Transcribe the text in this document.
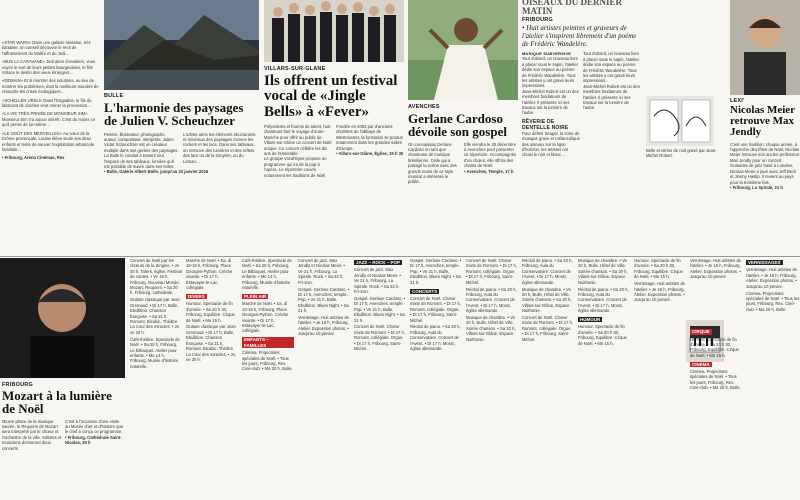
«STAR WARS» Dans une galaxie lointaine, très lointaine, un conseil découvre le récit de l'affrontement du Maître et du Jedi…

«BUS LA CARAVANE» Jedi alors chevaliers, vous voyez le sort de leurs petites bourgeoisies, le film retrace le destin des vieux étrangers…

«DEMAIN» Et si montrer des solutions, au lieu de montrer les problèmes, était la meilleure manière de résoudre les crises écologiques…

«SCHELLEN URSLI» Dans l'Engadine, le fils du fabricant de cloches veut mener la procession…

«LA VIE TRÈS PRIVÉE DE MONSIEUR SIM» Monsieur Sim n'a aucun intérêt. C'est du moins ce qu'il pense de lui-même…

«LE GOÛT DES MERVEILLES» Au cœur de la Drôme provençale, Louise élève seule ses deux enfants et tente de sauver l'exploitation arboricole familiale…

• Fribourg, Arena Cinémas, Rex

BULLE
L'harmonie des paysages de Julien V. Scheuchzer

Peintre, illustrateur, photographe, auteur, compositeur, interprète, Julien Victor Scheuchzer est un créateur multiple dans ses gerbes des paysages. La Bulle le conduit à travers tout l'espace de ses tableaux, lumière qu'il est possible de suivre dans ses toiles.

L'artiste aime les éléments structurants et minéraux des paysages comme les rochers et les lacs. Dans ses tableaux, on retrouve des lumières et des reflets des lacs ou de la Gruyère, ou du Léman…

• Bulle, Galerie Albert Bulle, jusqu'au 23 janvier 2016

VILLARS-SUR-GLÂNE
Ils offrent un festival vocal de «Jingle Bells» à «Fever»

Polyvalents et fournis de talent, huit chanteurs font le voyage d'outre-Manche pour offrir au public de Villars-sur-Glâne un concert de Noël unique. Ce concert célèbre les dix ans de l'ensemble.

Le groupe Vocal'Eyes propose un programme qui ira de la pop à l'opéra. Le répertoire couvre notamment les traditions de Noël.

Fondée en 2003 par d'anciens choristes de l'abbaye de Westminster, la formation se produit notamment dans les grandes salles d'Europe.

• Villars-sur-Glâne, Église, 19 h 30

AVENCHES
Gerlane Cardoso dévoile son gospel

On connaissait Gerlane Cardoso en tant que chanteuse de musique brésilienne. Celle qui a partagé la scène avec des grands noms de ce style musical a intéressé le public.

Elle viendra le 20 décembre à Avenches pour présenter ce répertoire. Accompagnée d'un chœur, elle offrira des chants de Noël.

• Avenches, Temple, 17 h

OISEAUX DU DERNIER MATIN
FRIBOURG

• Huit artistes peintres et graveurs de l'atelier s'inspirent librement d'un poème de Frédéric Wandelère.

MUSIQUE SUBVERSIVE

Tout d'abord, un nouveau livre à placer sous le sapin, l'atelier dédie son espace au poème de Frédéric Wandelère. Tous les artistes y ont gravé leurs impressions.

Jean-Michel Robert est un des membres fondateurs de l'atelier. Il présente ici ses travaux sur la lumière de l'aube.

RÊVERIE DE DENTELLE NOIRE

Pour définir Seupel, la sorte de musique grave et mélancolique des oiseaux sur la ligne d'horizon, les artistes ont choisi le noir et blanc…

Tout d'abord, un nouveau livre à placer sous le sapin, l'atelier dédie son espace au poème de Frédéric Wandelère. Tous les artistes y ont gravé leurs impressions.

Jean-Michel Robert est un des membres fondateurs de l'atelier. Il présente ici ses travaux sur la lumière de l'aube.

Belle et vitrine de nuit gravé par Jean-Michel Robert.

LEXI'
Nicolas Meier retrouve Max Jendly

C'est une tradition: chaque année, à l'approche des fêtes de Noël, Nicolas Meier retrouve son ancien professeur Max Jendly pour un concert.

Guitariste de jazz basé à Londres, Nicolas Meier a joué avec Jeff Beck et Jimmy Haslip. Il revient au pays pour la troisième fois.

• Fribourg, La Spirale, 21 h

FRIBOURG
Mozart à la lumière de Noël

Œuvre phare de la musique sacrée, le Requiem de Mozart sera interprété par le chœur et l'orchestre de la ville. Solistes et musiciens donneront deux concerts.

C'est à l'occasion d'une visite au Musée d'art et d'histoire que le chef a conçu ce programme.

• Fribourg, Cathédrale Saint-Nicolas, 20 h

Concert de Noël par les chœurs de la Singine. • Je 20 h, Tafers, église. Festival de contes. • Ve 19 h, Fribourg, Nouveau Monde. Mozart, Requiem. • Sa 20 h, Fribourg, cathédrale.

Guitare classique par Jean Gremaud. • Di 17 h, Bulle, Ebullition. Chanson française. • Sa 21 h, Romont, Bicubic. Théâtre La Cour des miracles. • Je, ve 20 h.

Café-théâtre. Spectacle de Noël. • Sa 20 h, Fribourg, Le Bilboquet. Atelier pour enfants. • Me 14 h, Fribourg, Musée d'histoire naturelle.

Marché de Noël. • Sa, di 10-18 h, Fribourg, Place Georges-Python. Crèche vivante. • Di 17 h, Estavayer-le-Lac, collégiale.

DIVERS

Humour. Spectacle de fin d'année. • Sa 20 h 30, Fribourg, Equilibre. Cirque de Noël. • Me 15 h.

Guitare classique par Jean Gremaud. • Di 17 h, Bulle, Ebullition. Chanson française. • Sa 21 h, Romont, Bicubic. Théâtre La Cour des miracles. • Je, ve 20 h.

Café-théâtre. Spectacle de Noël. • Sa 20 h, Fribourg, Le Bilboquet. Atelier pour enfants. • Me 14 h, Fribourg, Musée d'histoire naturelle.

PLEIN AIR

Marché de Noël. • Sa, di 10-18 h, Fribourg, Place Georges-Python. Crèche vivante. • Di 17 h, Estavayer-le-Lac, collégiale.

ENFANTS – FAMILLES

Cinéma. Projections spéciales de Noël. • Tous les jours, Fribourg, Rex. Ciné-club. • Ma 20 h, Bulle.

Concert de jazz. Max Jendly et Nicolas Meier. • Ve 21 h, Fribourg, La Spirale. Rock. • Sa 22 h, Fri-Son.

Gospel. Gerlane Cardoso. • Di 17 h, Avenches, temple. Pop. • Ve 21 h, Bulle, Ebullition. Blues Night. • Sa 21 h.

Vernissage. Huit artistes de l'atelier. • Je 18 h, Fribourg, Atelier. Exposition photos. • Jusqu'au 10 janvier.

JAZZ – ROCK – POP

Concert de jazz. Max Jendly et Nicolas Meier. • Ve 21 h, Fribourg, La Spirale. Rock. • Sa 22 h, Fri-Son.

Gospel. Gerlane Cardoso. • Di 17 h, Avenches, temple. Pop. • Ve 21 h, Bulle, Ebullition. Blues Night. • Sa 21 h.

Concert de Noël. Chœur mixte de Romont. • Di 17 h, Romont, collégiale. Orgue. • Di 17 h, Fribourg, Saint-Michel.

Gospel. Gerlane Cardoso. • Di 17 h, Avenches, temple. Pop. • Ve 21 h, Bulle, Ebullition. Blues Night. • Sa 21 h.

CONCERTS

Concert de Noël. Chœur mixte de Romont. • Di 17 h, Romont, collégiale. Orgue. • Di 17 h, Fribourg, Saint-Michel.

Récital de piano. • Sa 20 h, Fribourg, Aula du Conservatoire. Concert de l'Avent. • Di 17 h, Morat, église allemande.

Concert de Noël. Chœur mixte de Romont. • Di 17 h, Romont, collégiale. Orgue. • Di 17 h, Fribourg, Saint-Michel.

Récital de piano. • Sa 20 h, Fribourg, Aula du Conservatoire. Concert de l'Avent. • Di 17 h, Morat, église allemande.

Musique de chambre. • Ve 20 h, Bulle, Hôtel de Ville. Soirée chanson. • Sa 20 h, Villars-sur-Glâne, Espace Nuithonie.

Récital de piano. • Sa 20 h, Fribourg, Aula du Conservatoire. Concert de l'Avent. • Di 17 h, Morat, église allemande.

Musique de chambre. • Ve 20 h, Bulle, Hôtel de Ville. Soirée chanson. • Sa 20 h, Villars-sur-Glâne, Espace Nuithonie.

Concert de Noël. Chœur mixte de Romont. • Di 17 h, Romont, collégiale. Orgue. • Di 17 h, Fribourg, Saint-Michel.

Musique de chambre. • Ve 20 h, Bulle, Hôtel de Ville. Soirée chanson. • Sa 20 h, Villars-sur-Glâne, Espace Nuithonie.

Récital de piano. • Sa 20 h, Fribourg, Aula du Conservatoire. Concert de l'Avent. • Di 17 h, Morat, église allemande.

HUMOUR

Humour. Spectacle de fin d'année. • Sa 20 h 30, Fribourg, Equilibre. Cirque de Noël. • Me 15 h.

Humour. Spectacle de fin d'année. • Sa 20 h 30, Fribourg, Equilibre. Cirque de Noël. • Me 15 h.

Vernissage. Huit artistes de l'atelier. • Je 18 h, Fribourg, Atelier. Exposition photos. • Jusqu'au 10 janvier.

Vernissage. Huit artistes de l'atelier. • Je 18 h, Fribourg, Atelier. Exposition photos. • Jusqu'au 10 janvier.

CIRQUE

Humour. Spectacle de fin d'année. • Sa 20 h 30, Fribourg, Equilibre. Cirque de Noël. • Me 15 h.

CINÉMA

Cinéma. Projections spéciales de Noël. • Tous les jours, Fribourg, Rex. Ciné-club. • Ma 20 h, Bulle.

VERNISSAGES

Vernissage. Huit artistes de l'atelier. • Je 18 h, Fribourg, Atelier. Exposition photos. • Jusqu'au 10 janvier.

Cinéma. Projections spéciales de Noël. • Tous les jours, Fribourg, Rex. Ciné-club. • Ma 20 h, Bulle.
